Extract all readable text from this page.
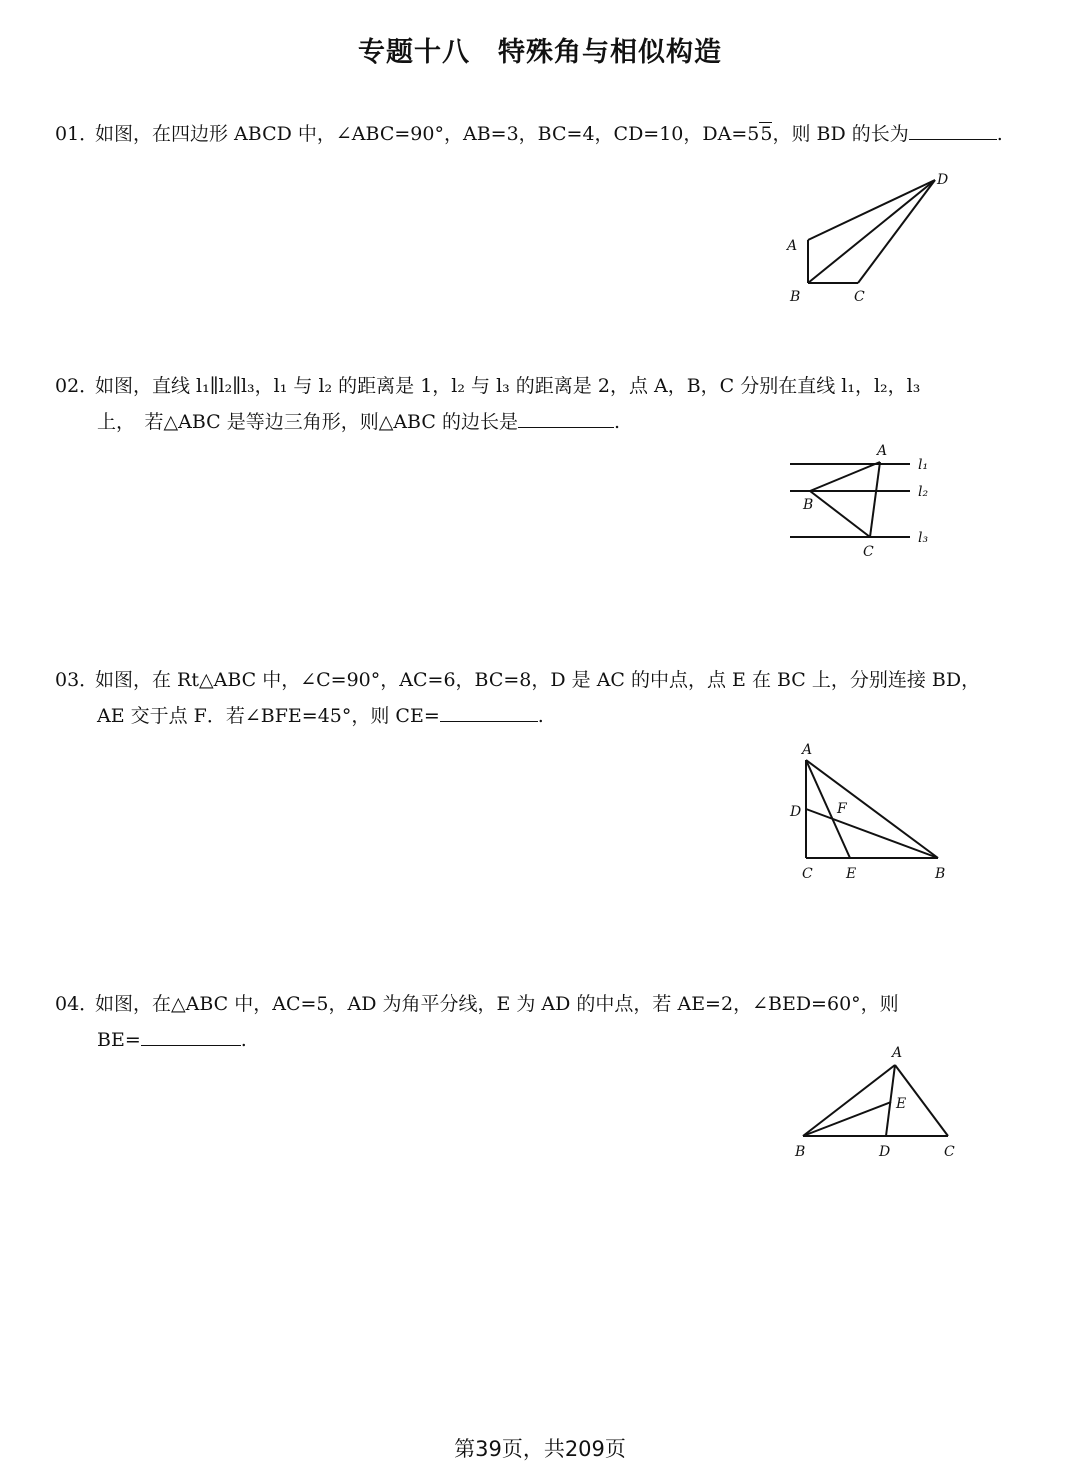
专题十八　特殊角与相似构造
01．如图，在四边形 ABCD 中，∠ABC=90°，AB=3，BC=4，CD=10，DA=55，则 BD 的长为	.
A
B	C
D
02．如图，直线 l₁∥l₂∥l₃，l₁ 与 l₂ 的距离是 1，l₂ 与 l₃ 的距离是 2，点 A，B，C 分别在直线 l₁，l₂，l₃
上，　若△ABC 是等边三角形，则△ABC 的边长是	.
A
B
C
l₁
l₂
l₃
03．如图，在 Rt△ABC 中，∠C=90°，AC=6，BC=8，D 是 AC 的中点，点 E 在 BC 上，分别连接 BD，
AE 交于点 F．若∠BFE=45°，则 CE=	.
A
D	F
C E	B
04．如图，在△ABC 中，AC=5，AD 为角平分线，E 为 AD 的中点，若 AE=2，∠BED=60°，则
BE=	.
A
E
B	D	C
第39页，共209页
